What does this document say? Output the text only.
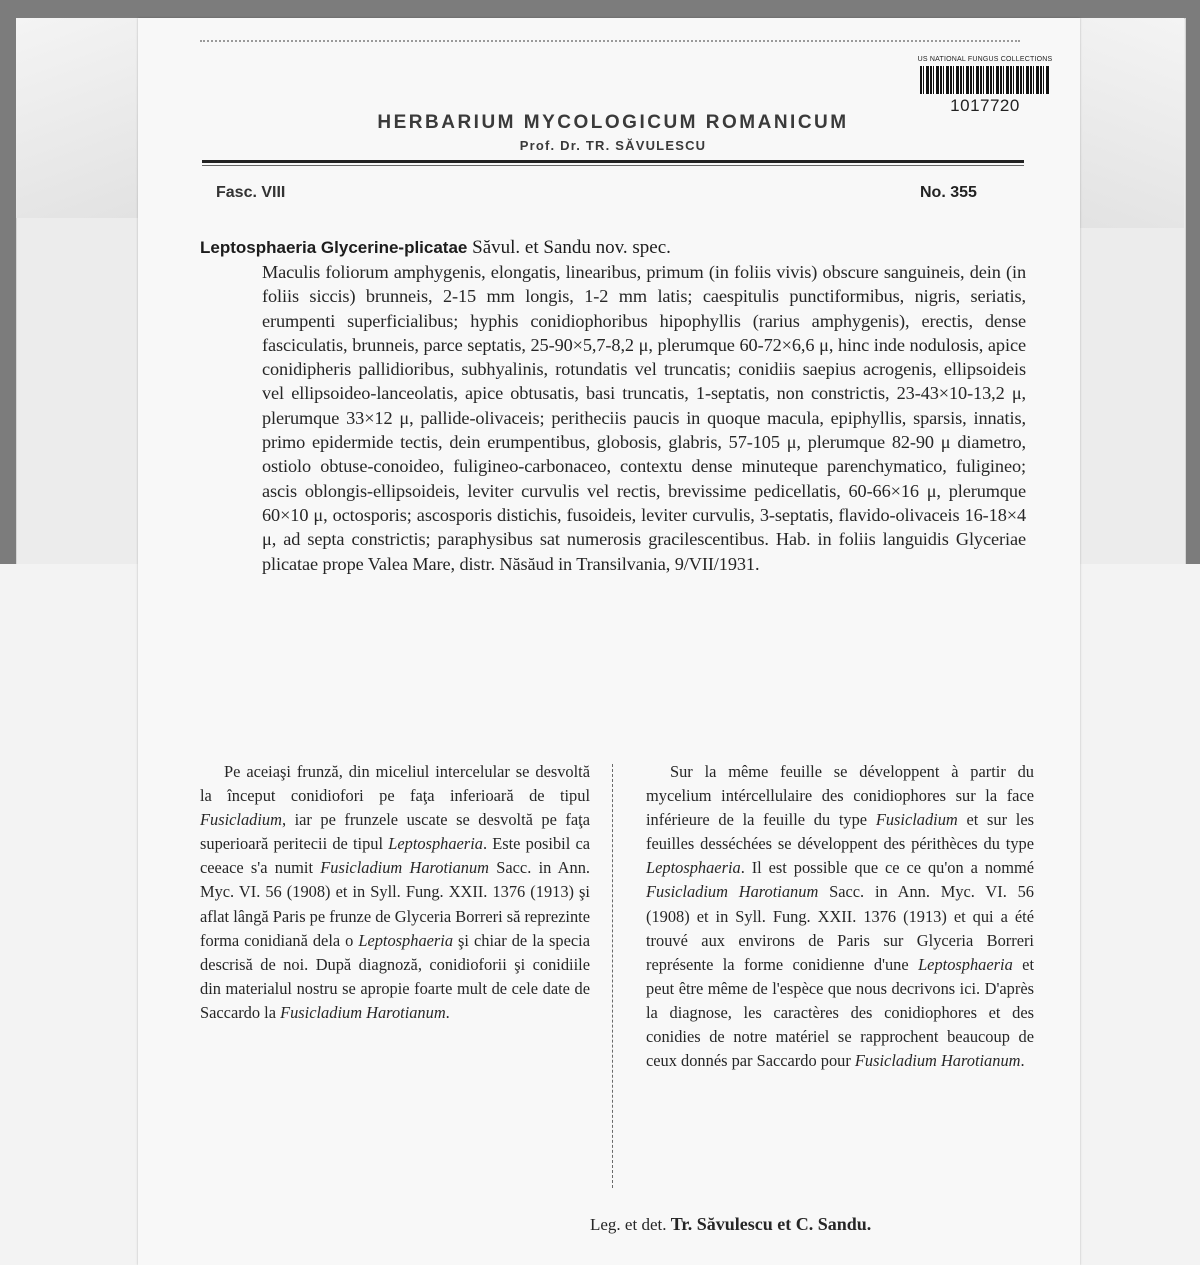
US NATIONAL FUNGUS COLLECTIONS
1017720
HERBARIUM MYCOLOGICUM ROMANICUM
Prof. Dr. TR. SĂVULESCU
Fasc. VIII	No. 355
Leptosphaeria Glycerine-plicatae Săvul. et Sandu nov. spec.
Maculis foliorum amphygenis, elongatis, linearibus, primum (in foliis vivis) obscure sanguineis, dein (in foliis siccis) brunneis, 2-15 mm longis, 1-2 mm latis; caespitulis punctiformibus, nigris, seriatis, erumpenti superficialibus; hyphis conidiophoribus hipophyllis (rarius amphygenis), erectis, dense fasciculatis, brunneis, parce septatis, 25-90×5,7-8,2 μ, plerumque 60-72×6,6 μ, hinc inde nodulosis, apice conidipheris pallidioribus, subhyalinis, rotundatis vel truncatis; conidiis saepius acrogenis, ellipsoideis vel ellipsoideo-lanceolatis, apice obtusatis, basi truncatis, 1-septatis, non constrictis, 23-43×10-13,2 μ, plerumque 33×12 μ, pallide-olivaceis; peritheciis paucis in quoque macula, epiphyllis, sparsis, innatis, primo epidermide tectis, dein erumpentibus, globosis, glabris, 57-105 μ, plerumque 82-90 μ diametro, ostiolo obtuse-conoideo, fuligineo-carbonaceo, contextu dense minuteque parenchymatico, fuligineo; ascis oblongis-ellipsoideis, leviter curvulis vel rectis, brevissime pedicellatis, 60-66×16 μ, plerumque 60×10 μ, octosporis; ascosporis distichis, fusoideis, leviter curvulis, 3-septatis, flavido-olivaceis 16-18×4 μ, ad septa constrictis; paraphysibus sat numerosis gracilescentibus. Hab. in foliis languidis Glyceriae plicatae prope Valea Mare, distr. Năsăud in Transilvania, 9/VII/1931.

Pe aceiaşi frunză, din miceliul intercelular se desvoltă la început conidiofori pe faţa inferioară de tipul Fusicladium, iar pe frunzele uscate se desvoltă pe faţa superioară peritecii de tipul Leptosphaeria. Este posibil ca ceeace s'a numit Fusicladium Harotianum Sacc. in Ann. Myc. VI. 56 (1908) et in Syll. Fung. XXII. 1376 (1913) şi aflat lângă Paris pe frunze de Glyceria Borreri să reprezinte forma conidiană dela o Leptosphaeria şi chiar de la specia descrisă de noi. După diagnoză, conidioforii şi conidiile din materialul nostru se apropie foarte mult de cele date de Saccardo la Fusicladium Harotianum.

Sur la même feuille se développent à partir du mycelium intércellulaire des conidiophores sur la face inférieure de la feuille du type Fusicladium et sur les feuilles desséchées se développent des périthèces du type Leptosphaeria. Il est possible que ce ce qu'on a nommé Fusicladium Harotianum Sacc. in Ann. Myc. VI. 56 (1908) et in Syll. Fung. XXII. 1376 (1913) et qui a été trouvé aux environs de Paris sur Glyceria Borreri représente la forme conidienne d'une Leptosphaeria et peut être même de l'espèce que nous decrivons ici. D'après la diagnose, les caractères des conidiophores et des conidies de notre matériel se rapprochent beaucoup de ceux donnés par Saccardo pour Fusicladium Harotianum.

Leg. et det. Tr. Săvulescu et C. Sandu.
